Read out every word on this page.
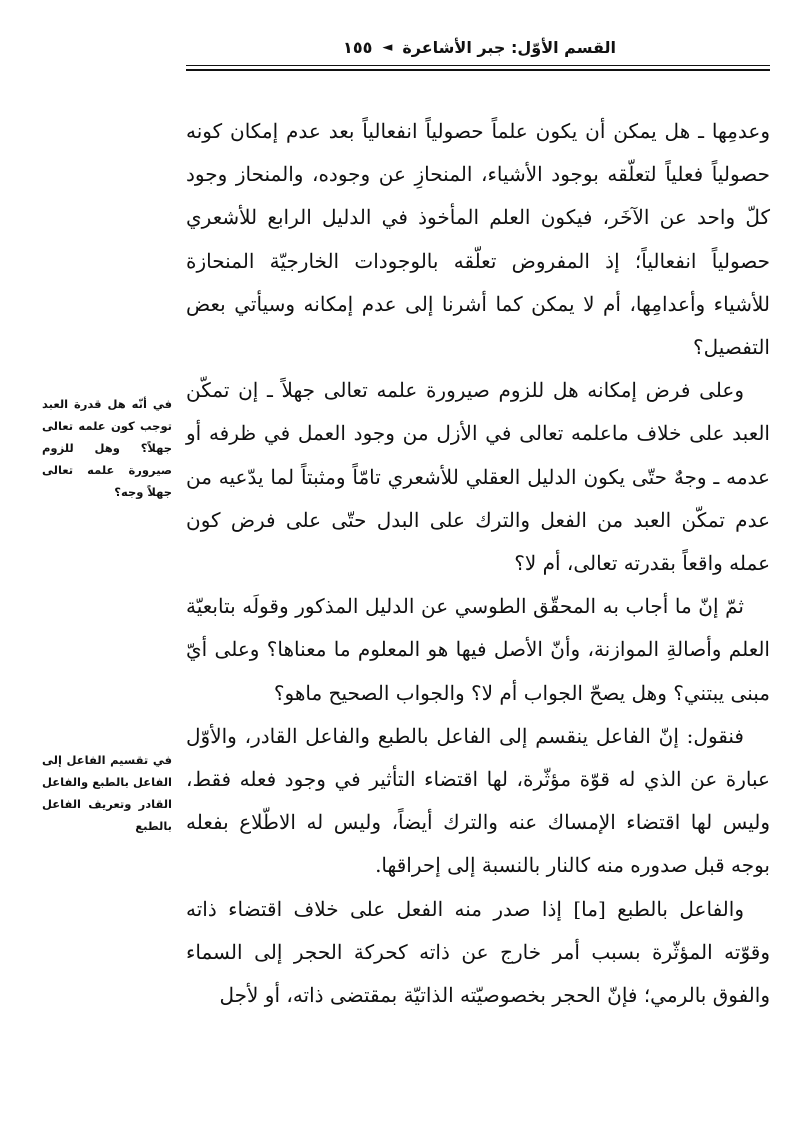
القسم الأوّل: جبر الأشاعرة
◄
١٥٥

وعدمِها ـ هل يمكن أن يكون علماً حصولياً انفعالياً بعد عدم إمكان كونه حصولياً فعلياً لتعلّقه بوجود الأشياء، المنحازِ عن وجوده، والمنحاز وجود كلّ واحد عن الآخَر، فيكون العلم المأخوذ في الدليل الرابع للأشعري حصولياً انفعالياً؛ إذ المفروض تعلّقه بالوجودات الخارجيّة المنحازة للأشياء وأعدامِها، أم لا يمكن كما أشرنا إلى عدم إمكانه وسيأتي بعض التفصيل؟

وعلى فرض إمكانه هل للزوم صيرورة علمه تعالى جهلاً ـ إن تمكّن العبد على خلاف ماعلمه تعالى في الأزل من وجود العمل في ظرفه أو عدمه ـ وجهٌ حتّى يكون الدليل العقلي للأشعري تامّاً ومثبتاً لما يدّعيه من عدم تمكّن العبد من الفعل والترك على البدل حتّى على فرض كون عمله واقعاً بقدرته تعالى، أم لا؟

ثمّ إنّ ما أجاب به المحقّق الطوسي عن الدليل المذكور وقولَه بتابعيّة العلم وأصالةِ الموازنة، وأنّ الأصل فيها هو المعلوم ما معناها؟ وعلى أيّ مبنى يبتني؟ وهل يصحّ الجواب أم لا؟ والجواب الصحيح ماهو؟

فنقول: إنّ الفاعل ينقسم إلى الفاعل بالطبع والفاعل القادر، والأوّل عبارة عن الذي له قوّة مؤثّرة، لها اقتضاء التأثير في وجود فعله فقط، وليس لها اقتضاء الإمساك عنه والترك أيضاً، وليس له الاطّلاع بفعله بوجه قبل صدوره منه كالنار بالنسبة إلى إحراقها.

والفاعل بالطبع [ما] إذا صدر منه الفعل على خلاف اقتضاء ذاته وقوّته المؤثّرة بسبب أمر خارج عن ذاته كحركة الحجر إلى السماء والفوق بالرمي؛ فإنّ الحجر بخصوصيّته الذاتيّة بمقتضى ذاته، أو لأجل

في أنّه هل قدرة العبد توجب كون علمه تعالى جهلاً؟ وهل للزوم صيرورة علمه تعالى جهلاً وجه؟
في تقسيم الفاعل إلى الفاعل بالطبع والفاعل القادر وتعريف الفاعل بالطبع
